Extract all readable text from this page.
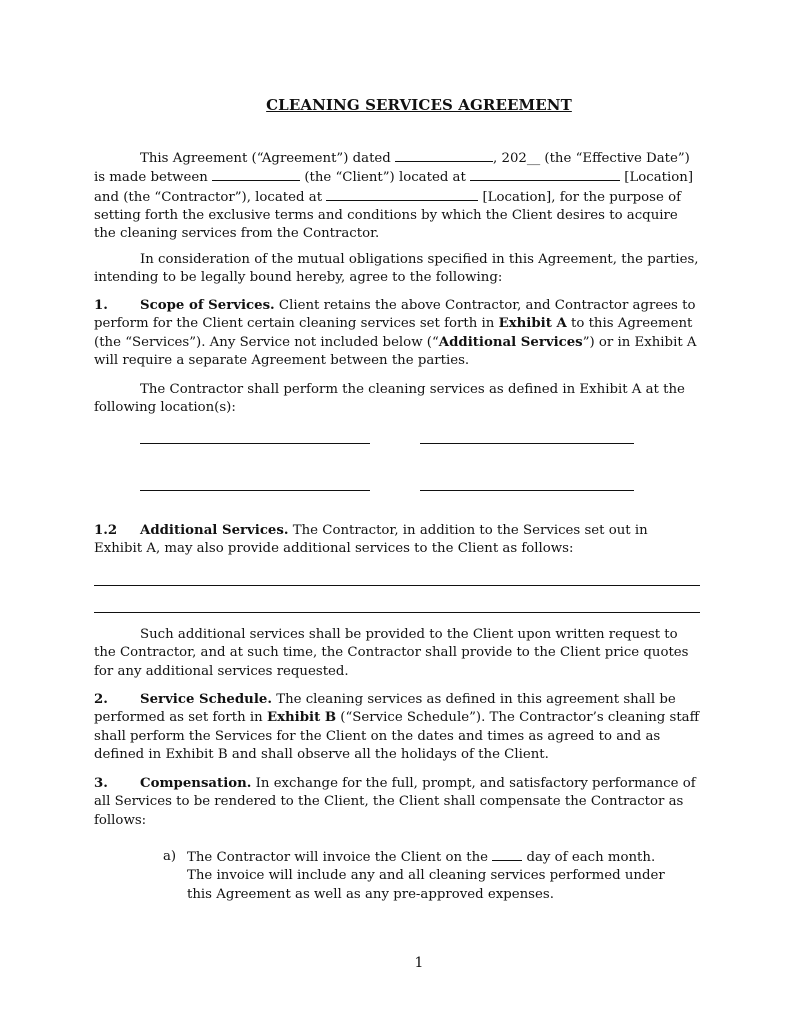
CLEANING SERVICES AGREEMENT

This Agreement (“Agreement”) dated	, 202__ (the “Effective Date”) is made between	(the “Client”) located at	[Location] and (the “Contractor”), located at	[Location], for the purpose of setting forth the exclusive terms and conditions by which the Client desires to acquire the cleaning services from the Contractor.

In consideration of the mutual obligations specified in this Agreement, the parties, intending to be legally bound hereby, agree to the following:

1. Scope of Services. Client retains the above Contractor, and Contractor agrees to perform for the Client certain cleaning services set forth in Exhibit A to this Agreement (the “Services”). Any Service not included below (“Additional Services”) or in Exhibit A will require a separate Agreement between the parties.

The Contractor shall perform the cleaning services as defined in Exhibit A at the following location(s):

1.2 Additional Services. The Contractor, in addition to the Services set out in Exhibit A, may also provide additional services to the Client as follows:

Such additional services shall be provided to the Client upon written request to the Contractor, and at such time, the Contractor shall provide to the Client price quotes for any additional services requested.

2. Service Schedule. The cleaning services as defined in this agreement shall be performed as set forth in Exhibit B (“Service Schedule”). The Contractor’s cleaning staff shall perform the Services for the Client on the dates and times as agreed to and as defined in Exhibit B and shall observe all the holidays of the Client.

3. Compensation. In exchange for the full, prompt, and satisfactory performance of all Services to be rendered to the Client, the Client shall compensate the Contractor as follows:

a) The Contractor will invoice the Client on the  day of each month. The invoice will include any and all cleaning services performed under this Agreement as well as any pre-approved expenses.
1
